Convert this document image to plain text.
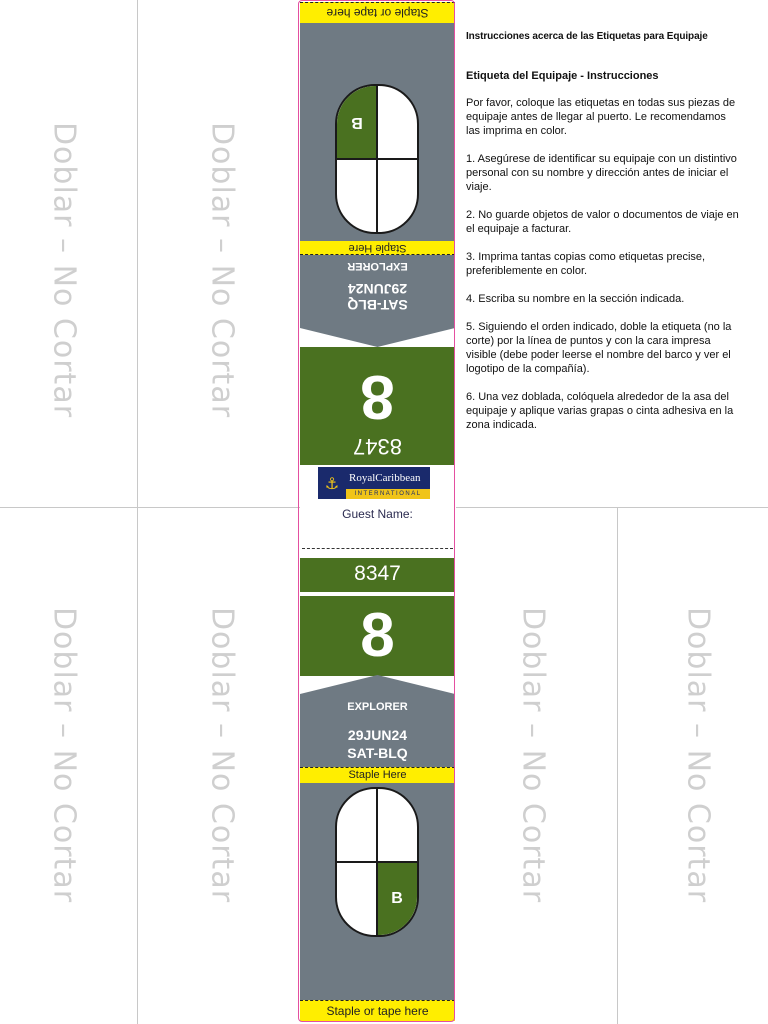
Doblar – No Cortar	Doblar – No Cortar
Doblar – No Cortar	Doblar – No Cortar	Doblar – No Cortar	Doblar – No Cortar
Staple or tape here
B
Staple Here
SAT-BLQ
29JUN24
EXPLORER
8347
8
⚓ RoyalCaribbean
INTERNATIONAL
Guest Name:
8347
8
EXPLORER
29JUN24
SAT-BLQ
Staple Here
B
Staple or tape here
Instrucciones acerca de las Etiquetas para Equipaje
Etiqueta del Equipaje - Instrucciones

Por favor, coloque las etiquetas en todas sus piezas de equipaje antes de llegar al puerto. Le recomendamos las imprima en color.

1. Asegúrese de identificar su equipaje con un distintivo personal con su nombre y dirección antes de iniciar el viaje.

2. No guarde objetos de valor o documentos de viaje en el equipaje a facturar.

3. Imprima tantas copias como etiquetas precise, preferiblemente en color.

4. Escriba su nombre en la sección indicada.

5. Siguiendo el orden indicado, doble la etiqueta (no la corte) por la línea de puntos y con la cara impresa visible (debe poder leerse el nombre del barco y ver el logotipo de la compañía).

6. Una vez doblada, colóquela alrededor de la asa del equipaje y aplique varias grapas o cinta adhesiva en la zona indicada.
